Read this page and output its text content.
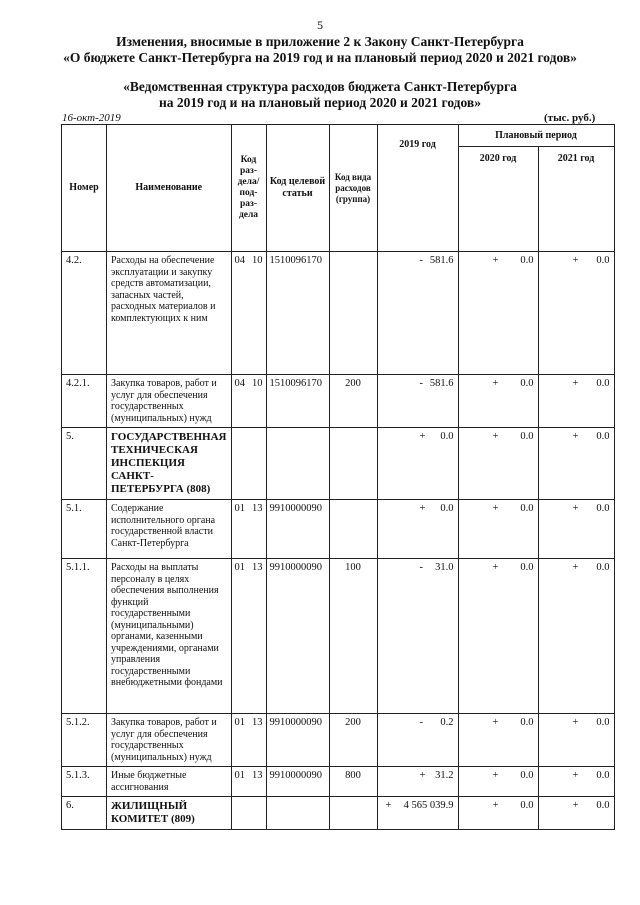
5
Изменения, вносимые в приложение 2 к Закону Санкт-Петербурга
«О бюджете Санкт-Петербурга на 2019 год и на плановый период 2020 и 2021 годов»
«Ведомственная структура расходов бюджета Санкт-Петербурга
на 2019 год и на плановый период 2020 и 2021 годов»
16-окт-2019	(тыс. руб.)
Номер	Наименование	Код раз- дела/ под- раз- дела		Код целевой статьи	Код вида расходов (группа)	2019 год	Плановый период	
							2020 год	2021 год
4.2.	Расходы на обеспечение эксплуатации и закупку средств автоматизации, запасных частей, расходных материалов и комплектующих к ним	04	10	1510096170		- 581.6	+ 0.0	+ 0.0
4.2.1.	Закупка товаров, работ и услуг для обеспечения государственных (муниципальных) нужд	04	10	1510096170	200	- 581.6	+ 0.0	+ 0.0
5.	ГОСУДАРСТВЕННАЯ ТЕХНИЧЕСКАЯ ИНСПЕКЦИЯ САНКТ-ПЕТЕРБУРГА (808)					+ 0.0	+ 0.0	+ 0.0
5.1.	Содержание исполнительного органа государственной власти Санкт-Петербурга	01	13	9910000090		+ 0.0	+ 0.0	+ 0.0
5.1.1.	Расходы на выплаты персоналу в целях обеспечения выполнения функций государственными (муниципальными) органами, казенными учреждениями, органами управления государственными внебюджетными фондами	01	13	9910000090	100	- 31.0	+ 0.0	+ 0.0
5.1.2.	Закупка товаров, работ и услуг для обеспечения государственных (муниципальных) нужд	01	13	9910000090	200	- 0.2	+ 0.0	+ 0.0
5.1.3.	Иные бюджетные ассигнования	01	13	9910000090	800	+ 31.2	+ 0.0	+ 0.0
6.	ЖИЛИЩНЫЙ КОМИТЕТ (809)					+ 4 565 039.9	+ 0.0	+ 0.0
